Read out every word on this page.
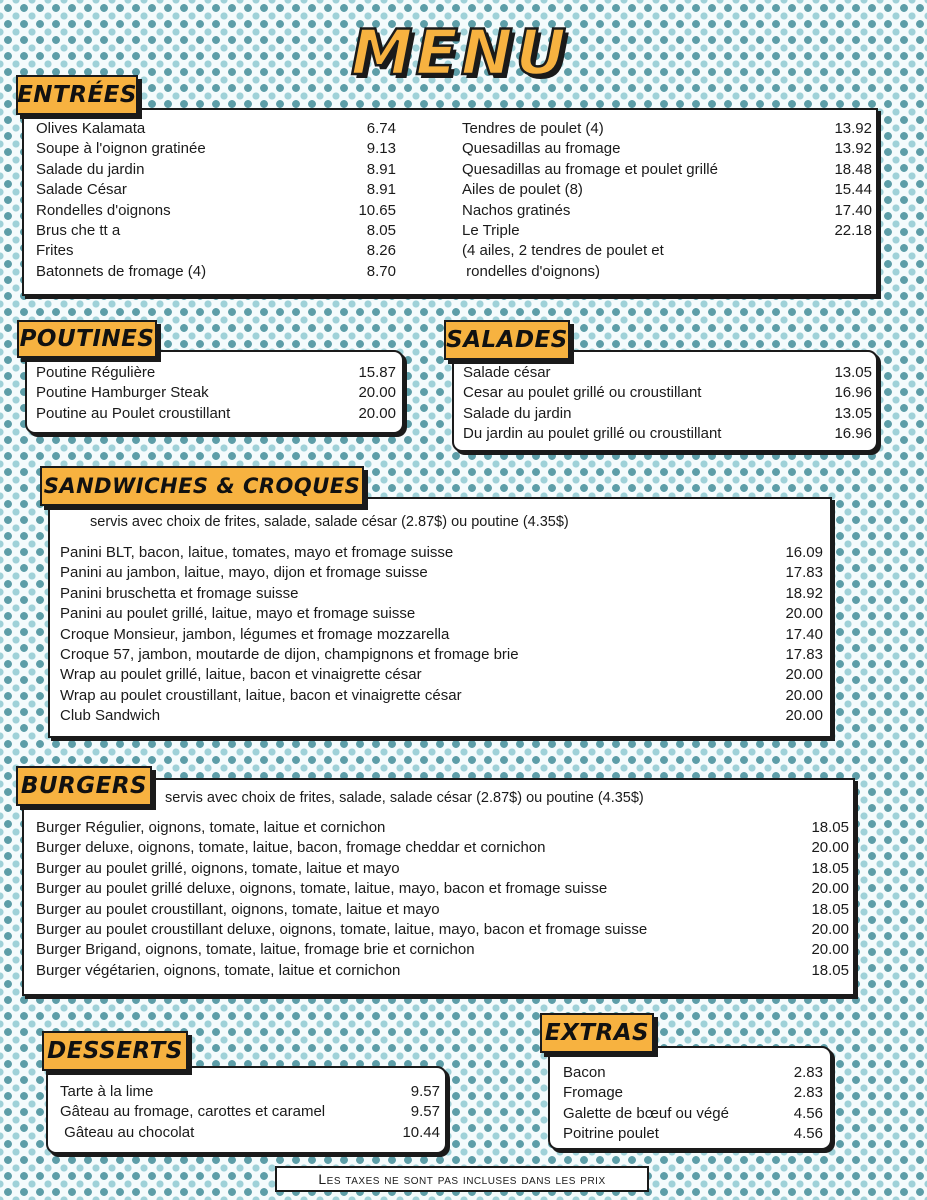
MENU
Olives Kalamata	6.74
Soupe à l'oignon gratinée	9.13
Salade du jardin	8.91
Salade César	8.91
Rondelles d'oignons	10.65
Brus che tt a	8.05
Frites	8.26
Batonnets de fromage (4)	8.70
Tendres de poulet (4)	13.92
Quesadillas au fromage	13.92
Quesadillas au fromage et poulet grillé	18.48
Ailes de poulet (8)	15.44
Nachos gratinés	17.40
Le Triple	22.18
(4 ailes, 2 tendres de poulet et
rondelles d'oignons)
ENTRÉES
Poutine Régulière	15.87
Poutine Hamburger Steak	20.00
Poutine au Poulet croustillant	20.00
POUTINES
Salade césar	13.05
Cesar au poulet grillé ou croustillant	16.96
Salade du jardin	13.05
Du jardin au poulet grillé ou croustillant	16.96
SALADES
servis avec choix de frites, salade, salade césar (2.87$) ou poutine (4.35$)
Panini BLT, bacon, laitue, tomates, mayo et fromage suisse	16.09
Panini au jambon, laitue, mayo, dijon et fromage suisse	17.83
Panini bruschetta et fromage suisse	18.92
Panini au poulet grillé, laitue, mayo et fromage suisse	20.00
Croque Monsieur, jambon, légumes et fromage mozzarella	17.40
Croque 57, jambon, moutarde de dijon, champignons et fromage brie	17.83
Wrap au poulet grillé, laitue, bacon et vinaigrette césar	20.00
Wrap au poulet croustillant, laitue, bacon et vinaigrette césar	20.00
Club Sandwich	20.00
SANDWICHES & CROQUES
servis avec choix de frites, salade, salade césar (2.87$) ou poutine (4.35$)
Burger Régulier, oignons, tomate, laitue et cornichon	18.05
Burger deluxe, oignons, tomate, laitue, bacon, fromage cheddar et cornichon	20.00
Burger au poulet grillé, oignons, tomate, laitue et mayo	18.05
Burger au poulet grillé deluxe, oignons, tomate, laitue, mayo, bacon et fromage suisse	20.00
Burger au poulet croustillant, oignons, tomate, laitue et mayo	18.05
Burger au poulet croustillant deluxe, oignons, tomate, laitue, mayo, bacon et fromage suisse	20.00
Burger Brigand, oignons, tomate, laitue, fromage brie et cornichon	20.00
Burger végétarien, oignons, tomate, laitue et cornichon	18.05
BURGERS
Tarte à la lime	9.57
Gâteau au fromage, carottes et caramel	9.57
Gâteau au chocolat	10.44
DESSERTS
Bacon	2.83
Fromage	2.83
Galette de bœuf ou végé	4.56
Poitrine poulet	4.56
EXTRAS
Les taxes ne sont pas incluses dans les prix
